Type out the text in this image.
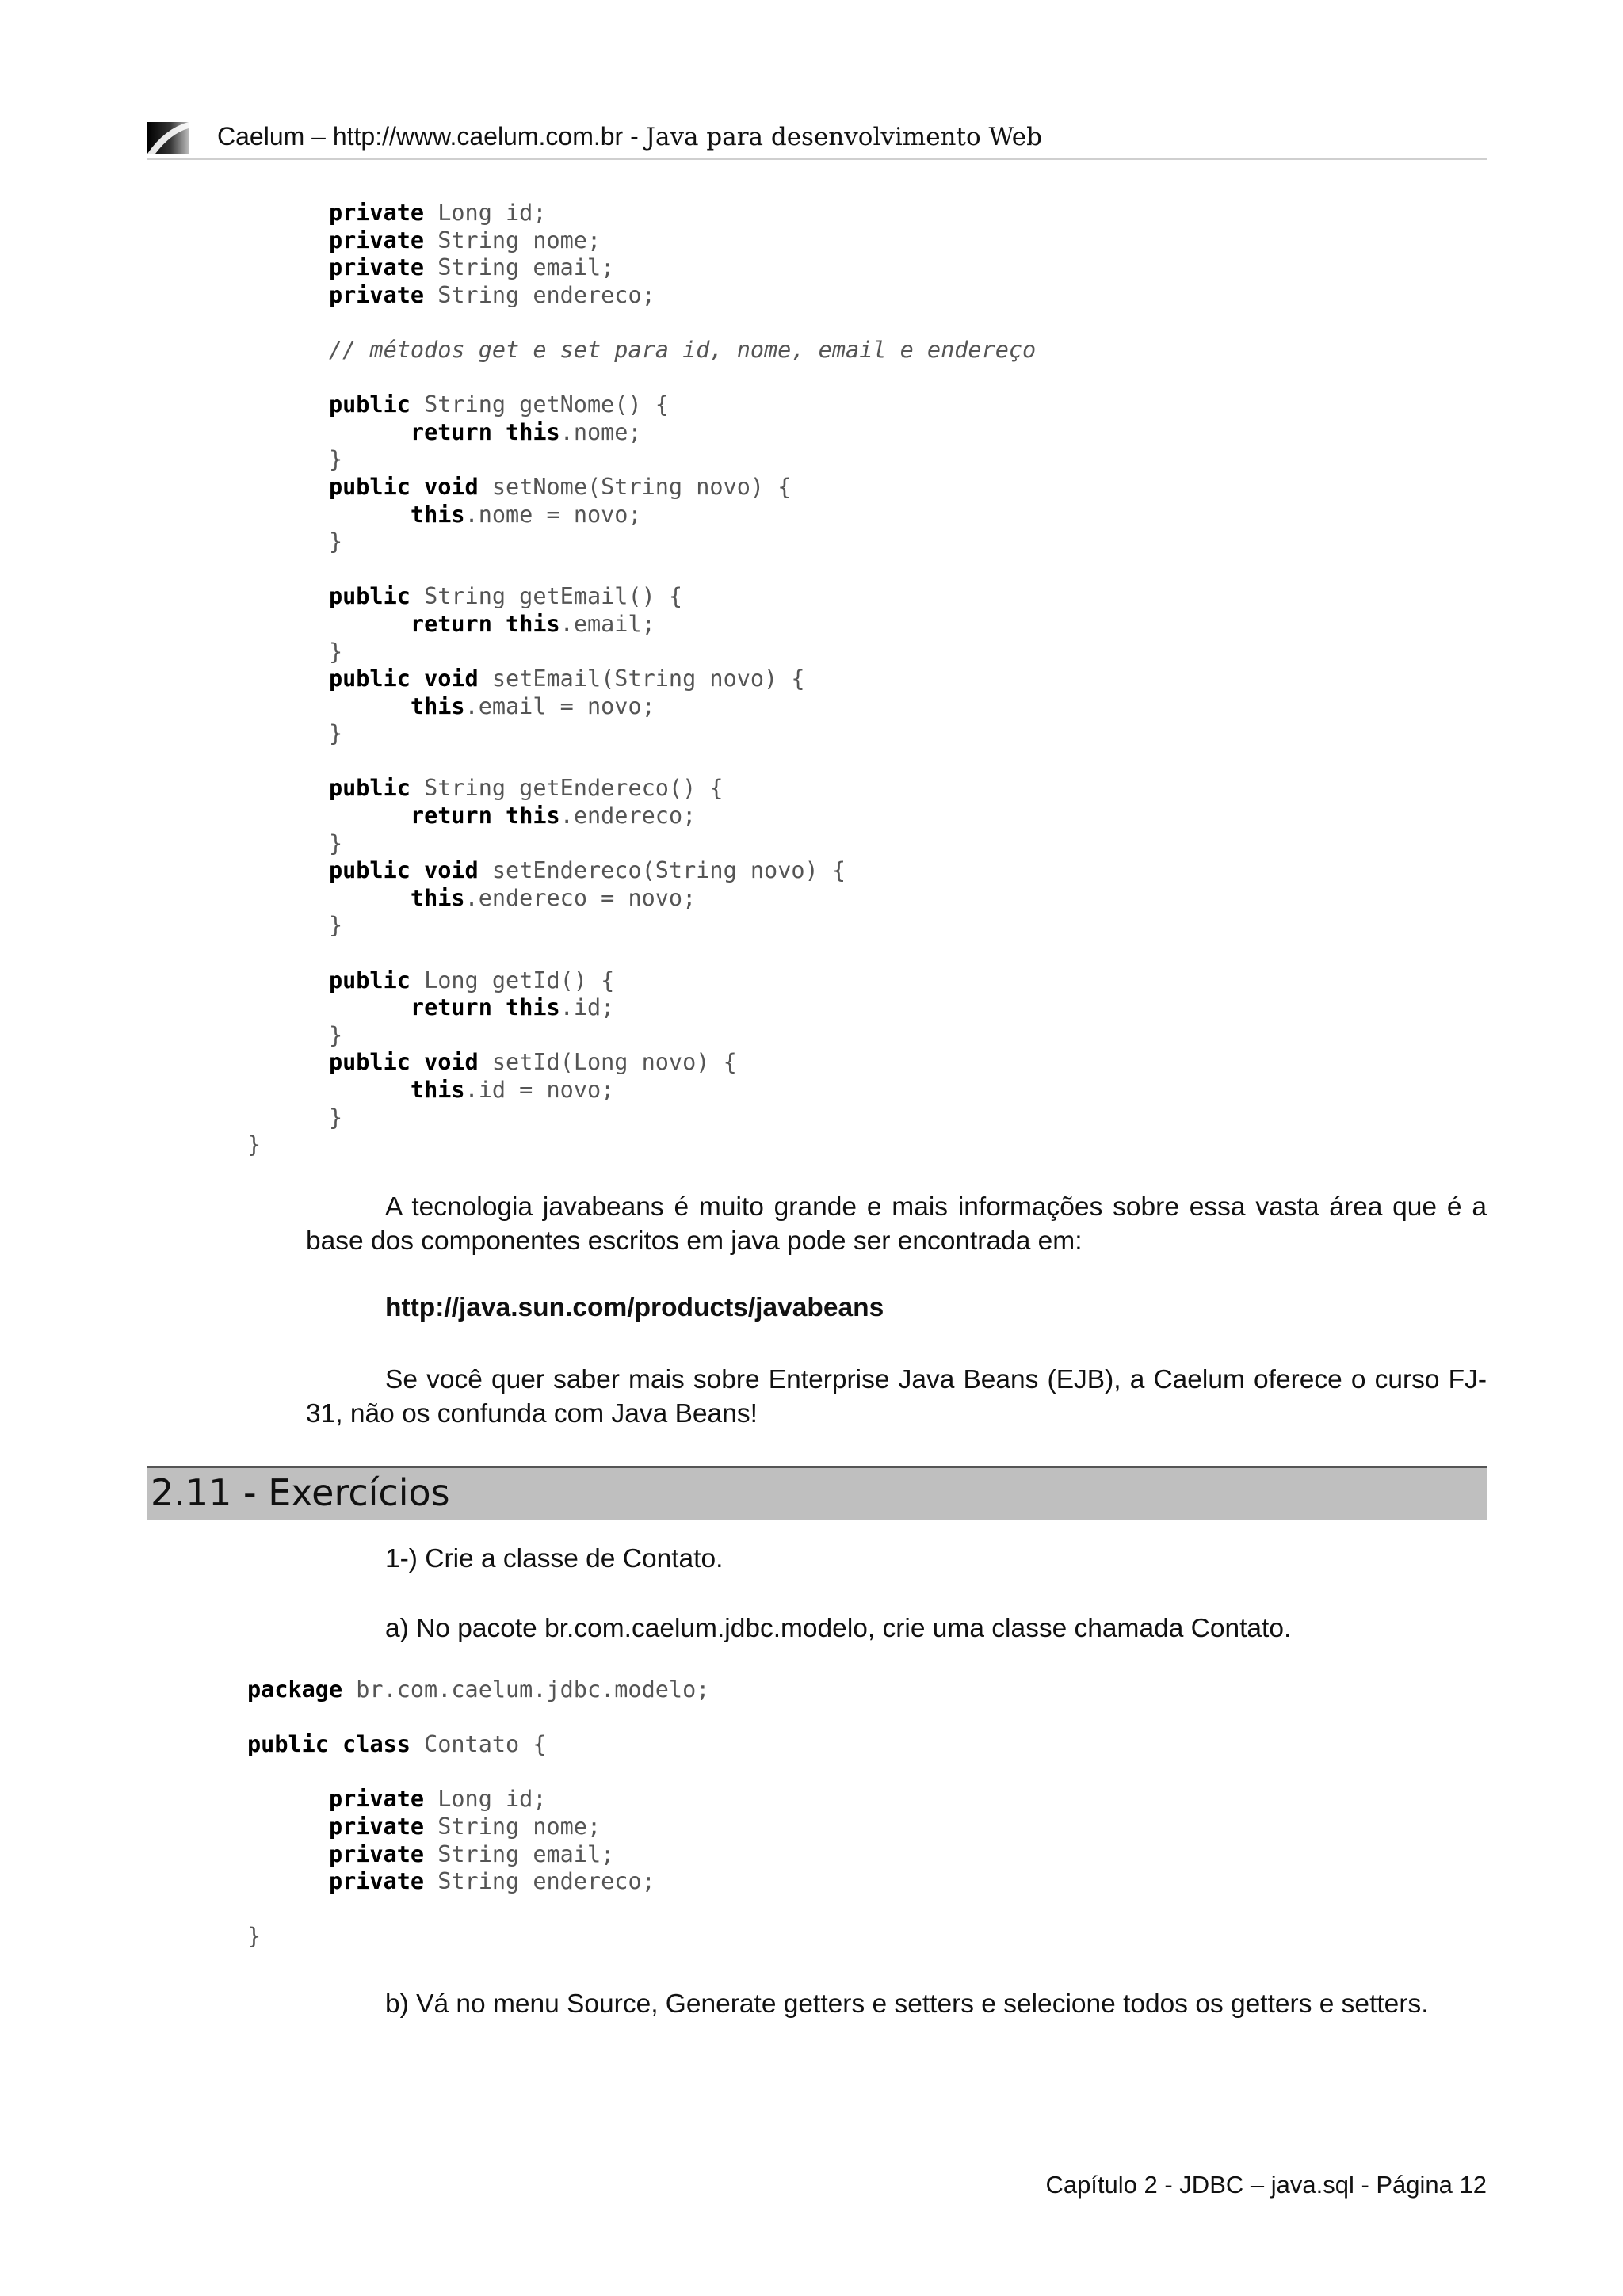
Caelum – http://www.caelum.com.br - Java para desenvolvimento Web
private Long id;
private String nome;
private String email;
private String endereco;
// métodos get e set para id, nome, email e endereço
public String getNome() {
return this.nome;
}
public void setNome(String novo) {
this.nome = novo;
}
public String getEmail() {
return this.email;
}
public void setEmail(String novo) {
this.email = novo;
}
public String getEndereco() {
return this.endereco;
}
public void setEndereco(String novo) {
this.endereco = novo;
}
public Long getId() {
return this.id;
}
public void setId(Long novo) {
this.id = novo;
}
}
A tecnologia javabeans é muito grande e mais informações sobre essa vasta área que é a base dos componentes escritos em java pode ser encontrada em:
http://java.sun.com/products/javabeans
Se você quer saber mais sobre Enterprise Java Beans (EJB), a Caelum oferece o curso FJ-31, não os confunda com Java Beans!
2.11 - Exercícios
1-) Crie a classe de Contato.
a) No pacote br.com.caelum.jdbc.modelo, crie uma classe chamada Contato.
package br.com.caelum.jdbc.modelo;
public class Contato {
private Long id;
private String nome;
private String email;
private String endereco;
}
b) Vá no menu Source, Generate getters e setters e selecione todos os getters e setters.
Capítulo 2 - JDBC – java.sql - Página 12
